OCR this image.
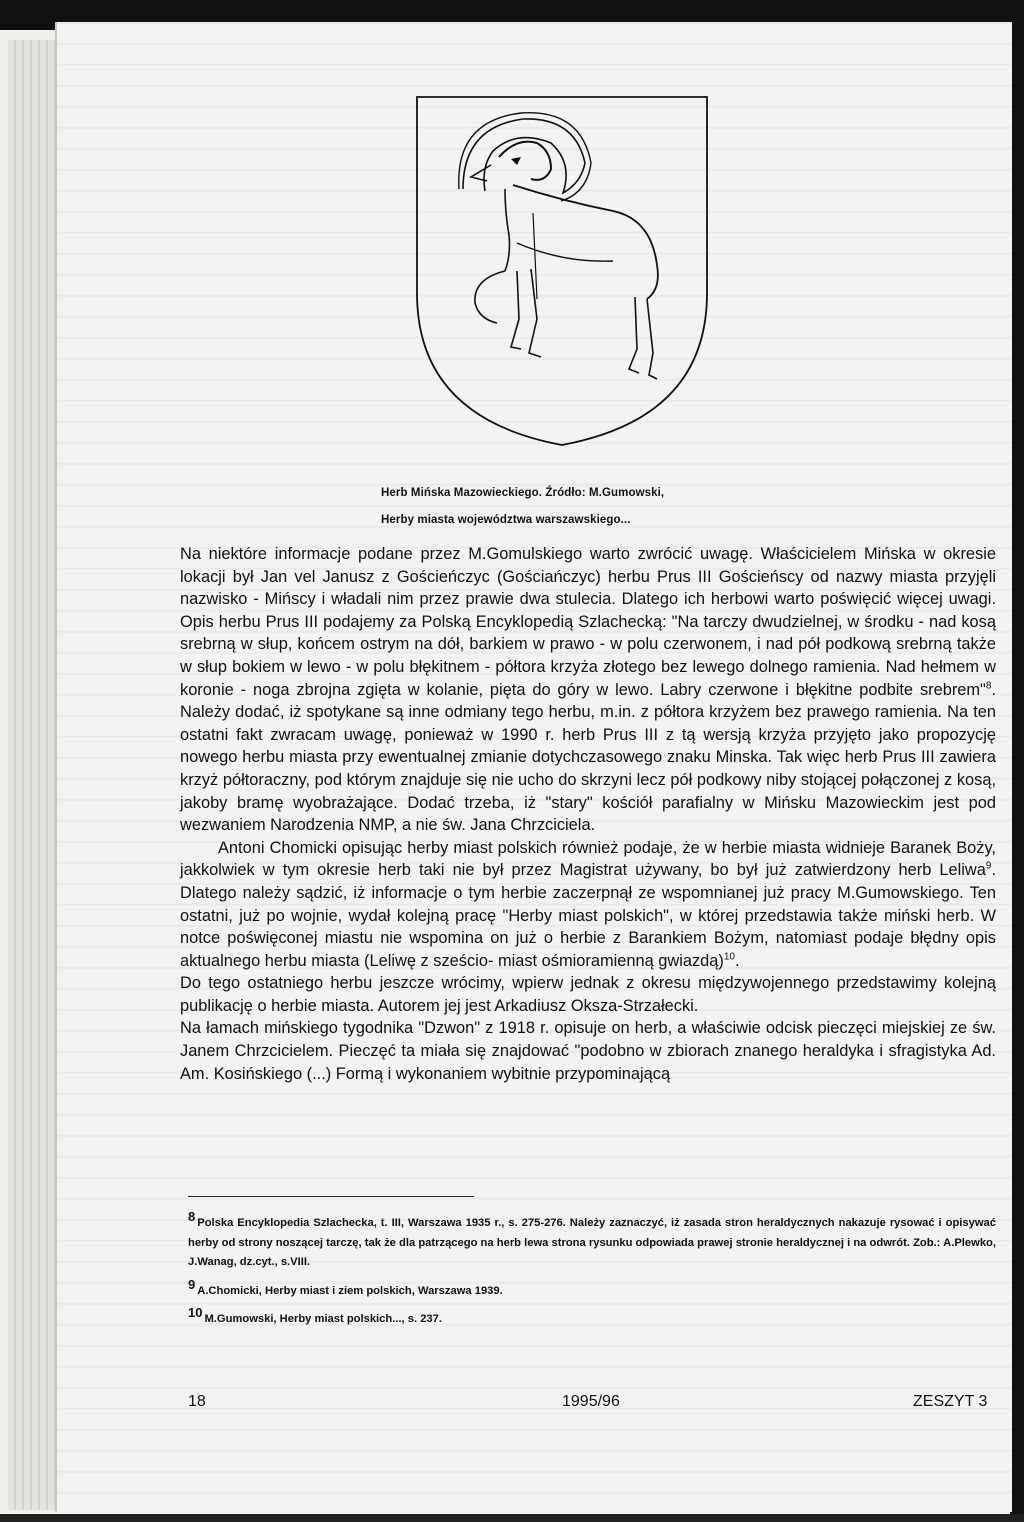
Herb Mińska Mazowieckiego. Źródło: M.Gumowski,
Herby miasta województwa warszawskiego...

Na niektóre informacje podane przez M.Gomulskiego warto zwrócić uwagę. Właścicielem Mińska w okresie lokacji był Jan vel Janusz z Gościeńczyc (Gościańczyc) herbu Prus III Gościeńscy od nazwy miasta przyjęli nazwisko - Mińscy i władali nim przez prawie dwa stulecia. Dlatego ich herbowi warto poświęcić więcej uwagi. Opis herbu Prus III podajemy za Polską Encyklopedią Szlachecką: "Na tarczy dwudzielnej, w środku - nad kosą srebrną w słup, końcem ostrym na dół, barkiem w prawo - w polu czerwonem, i nad pół podkową srebrną także w słup bokiem w lewo - w polu błękitnem - półtora krzyża złotego bez lewego dolnego ramienia. Nad hełmem w koronie - noga zbrojna zgięta w kolanie, pięta do góry w lewo. Labry czerwone i błękitne podbite srebrem"$^8$. Należy dodać, iż spotykane są inne odmiany tego herbu, m.in. z półtora krzyżem bez prawego ramienia. Na ten ostatni fakt zwracam uwagę, ponieważ w 1990 r. herb Prus III z tą wersją krzyża przyjęto jako propozycję nowego herbu miasta przy ewentualnej zmianie dotychczasowego znaku Minska. Tak więc herb Prus III zawiera krzyż półtoraczny, pod którym znajduje się nie ucho do skrzyni lecz pół podkowy niby stojącej połączonej z kosą, jakoby bramę wyobrażające. Dodać trzeba, iż "stary" kościół parafialny w Mińsku Mazowieckim jest pod wezwaniem Narodzenia NMP, a nie św. Jana Chrzciciela.

Antoni Chomicki opisując herby miast polskich również podaje, że w herbie miasta widnieje Baranek Boży, jakkolwiek w tym okresie herb taki nie był przez Magistrat używany, bo był już zatwierdzony herb Leliwa$^9$. Dlatego należy sądzić, iż informacje o tym herbie zaczerpnął ze wspomnianej już pracy M.Gumowskiego. Ten ostatni, już po wojnie, wydał kolejną pracę "Herby miast polskich", w której przedstawia także miński herb. W notce poświęconej miastu nie wspomina on już o herbie z Barankiem Bożym, natomiast podaje błędny opis aktualnego herbu miasta (Leliwę z sześcio- miast ośmioramienną gwiazdą)$^{10}$.

Do tego ostatniego herbu jeszcze wrócimy, wpierw jednak z okresu międzywojennego przedstawimy kolejną publikację o herbie miasta. Autorem jej jest Arkadiusz Oksza-Strzałecki.

Na łamach mińskiego tygodnika "Dzwon" z 1918 r. opisuje on herb, a właściwie odcisk pieczęci miejskiej ze św. Janem Chrzcicielem. Pieczęć ta miała się znajdować "podobno w zbiorach znanego heraldyka i sfragistyka Ad. Am. Kosińskiego (...) Formą i wykonaniem wybitnie przypominającą

8 Polska Encyklopedia Szlachecka, t. III, Warszawa 1935 r., s. 275-276. Należy zaznaczyć, iż zasada stron heraldycznych nakazuje rysować i opisywać herby od strony noszącej tarczę, tak że dla patrzącego na herb lewa strona rysunku odpowiada prawej stronie heraldycznej i na odwrót. Zob.: A.Plewko, J.Wanag, dz.cyt., s.VIII.

9 A.Chomicki, Herby miast i ziem polskich, Warszawa 1939.

10 M.Gumowski, Herby miast polskich..., s. 237.

18	1995/96	ZESZYT 3
